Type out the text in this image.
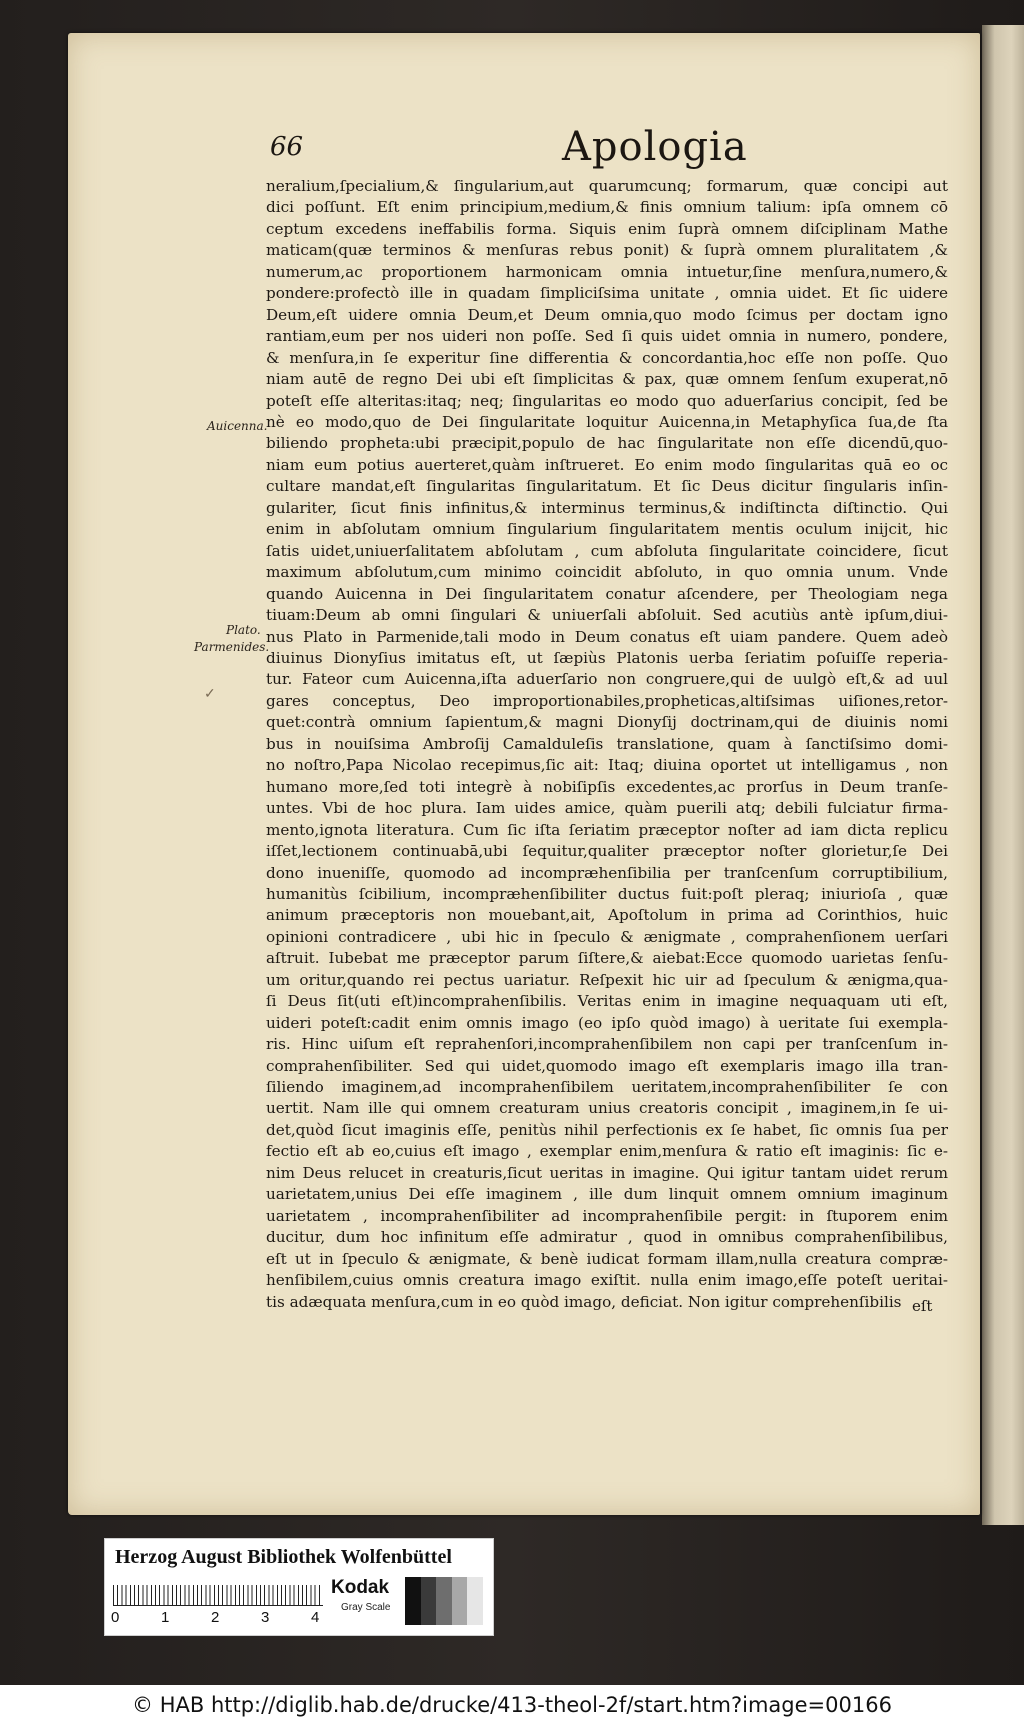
66	Apologia
neralium,ſpecialium,& ſingularium,aut quarumcunq; formarum, quæ concipi aut
dici poſſunt. Eſt enim principium,medium,& finis omnium talium: ipſa omnem cō
ceptum excedens ineffabilis forma. Siquis enim ſuprà omnem diſciplinam Mathe
maticam(quæ terminos & menſuras rebus ponit) & ſuprà omnem pluralitatem ,&
numerum,ac proportionem harmonicam omnia intuetur,ſine menſura,numero,&
pondere:profectò ille in quadam ſimpliciſsima unitate , omnia uidet. Et ſic uidere
Deum,eſt uidere omnia Deum,et Deum omnia,quo modo ſcimus per doctam igno
rantiam,eum per nos uideri non poſſe. Sed ſi quis uidet omnia in numero, pondere,
& menſura,in ſe experitur ſine differentia & concordantia,hoc eſſe non poſſe. Quo
niam autē de regno Dei ubi eſt ſimplicitas & pax, quæ omnem ſenſum exuperat,nō
poteſt eſſe alteritas:itaq; neq; ſingularitas eo modo quo aduerſarius concipit, ſed be
nè eo modo,quo de Dei ſingularitate loquitur Auicenna,in Metaphyſica ſua,de ſta
biliendo propheta:ubi præcipit,populo de hac ſingularitate non eſſe dicendū,quo-
niam eum potius auerteret,quàm inſtrueret. Eo enim modo ſingularitas quā eo oc
cultare mandat,eſt ſingularitas ſingularitatum. Et ſic Deus dicitur ſingularis inſin-
gulariter, ſicut finis infinitus,& interminus terminus,& indiſtincta diſtinctio. Qui
enim in abſolutam omnium ſingularium ſingularitatem mentis oculum inijcit, hic
ſatis uidet,uniuerſalitatem abſolutam , cum abſoluta ſingularitate coincidere, ſicut
maximum abſolutum,cum minimo coincidit abſoluto, in quo omnia unum. Vnde
quando Auicenna in Dei ſingularitatem conatur aſcendere, per Theologiam nega
tiuam:Deum ab omni ſingulari & uniuerſali abſoluit. Sed acutiùs antè ipſum,diui-
nus Plato in Parmenide,tali modo in Deum conatus eſt uiam pandere. Quem adeò
diuinus Dionyſius imitatus eſt, ut ſæpiùs Platonis uerba ſeriatim poſuiſſe reperia-
tur. Fateor cum Auicenna,iſta aduerſario non congruere,qui de uulgò eſt,& ad uul
gares conceptus, Deo improportionabiles,propheticas,altiſsimas uiſiones,retor-
quet:contrà omnium ſapientum,& magni Dionyſij doctrinam,qui de diuinis nomi
bus in nouiſsima Ambroſij Camalduleſis translatione, quam à ſanctiſsimo domi-
no noſtro,Papa Nicolao recepimus,ſic ait: Itaq; diuina oportet ut intelligamus , non
humano more,ſed toti integrè à nobiſipſis excedentes,ac prorſus in Deum tranſe-
untes. Vbi de hoc plura. Iam uides amice, quàm puerili atq; debili fulciatur firma-
mento,ignota literatura. Cum ſic iſta ſeriatim præceptor noſter ad iam dicta replicu
iſſet,lectionem continuabā,ubi ſequitur,qualiter præceptor noſter glorietur,ſe Dei
dono inueniſſe, quomodo ad incompræhenſibilia per tranſcenſum corruptibilium,
humanitùs ſcibilium, incompræhenſibiliter ductus fuit:poſt pleraq; iniurioſa , quæ
animum præceptoris non mouebant,ait, Apoſtolum in prima ad Corinthios, huic
opinioni contradicere , ubi hic in ſpeculo & ænigmate , comprahenſionem uerſari
aſtruit. Iubebat me præceptor parum ſiſtere,& aiebat:Ecce quomodo uarietas ſenſu-
um oritur,quando rei pectus uariatur. Reſpexit hic uir ad ſpeculum & ænigma,qua-
ſi Deus ſit(uti eſt)incomprahenſibilis. Veritas enim in imagine nequaquam uti eſt,
uideri poteſt:cadit enim omnis imago (eo ipſo quòd imago) à ueritate ſui exempla-
ris. Hinc uiſum eſt reprahenſori,incomprahenſibilem non capi per tranſcenſum in-
comprahenſibiliter. Sed qui uidet,quomodo imago eſt exemplaris imago illa tran-
ſiliendo imaginem,ad incomprahenſibilem ueritatem,incomprahenſibiliter ſe con
uertit. Nam ille qui omnem creaturam unius creatoris concipit , imaginem,in ſe ui-
det,quòd ſicut imaginis eſſe, penitùs nihil perfectionis ex ſe habet, ſic omnis ſua per
fectio eſt ab eo,cuius eſt imago , exemplar enim,menſura & ratio eſt imaginis: ſic e-
nim Deus relucet in creaturis,ſicut ueritas in imagine. Qui igitur tantam uidet rerum
uarietatem,unius Dei eſſe imaginem , ille dum linquit omnem omnium imaginum
uarietatem , incomprahenſibiliter ad incomprahenſibile pergit: in ſtuporem enim
ducitur, dum hoc infinitum eſſe admiratur , quod in omnibus comprahenſibilibus,
eſt ut in ſpeculo & ænigmate, & benè iudicat formam illam,nulla creatura compræ-
henſibilem,cuius omnis creatura imago exiſtit. nulla enim imago,eſſe poteſt ueritai-
tis adæquata menſura,cum in eo quòd imago, deficiat. Non igitur comprehenſibilis eſt
Auicenna.
Plato.
Parmenides.
✓
Herzog August Bibliothek Wolfenbüttel
0	1	2	3	4
Kodak
Gray Scale
© HAB http://diglib.hab.de/drucke/413-theol-2f/start.htm?image=00166
